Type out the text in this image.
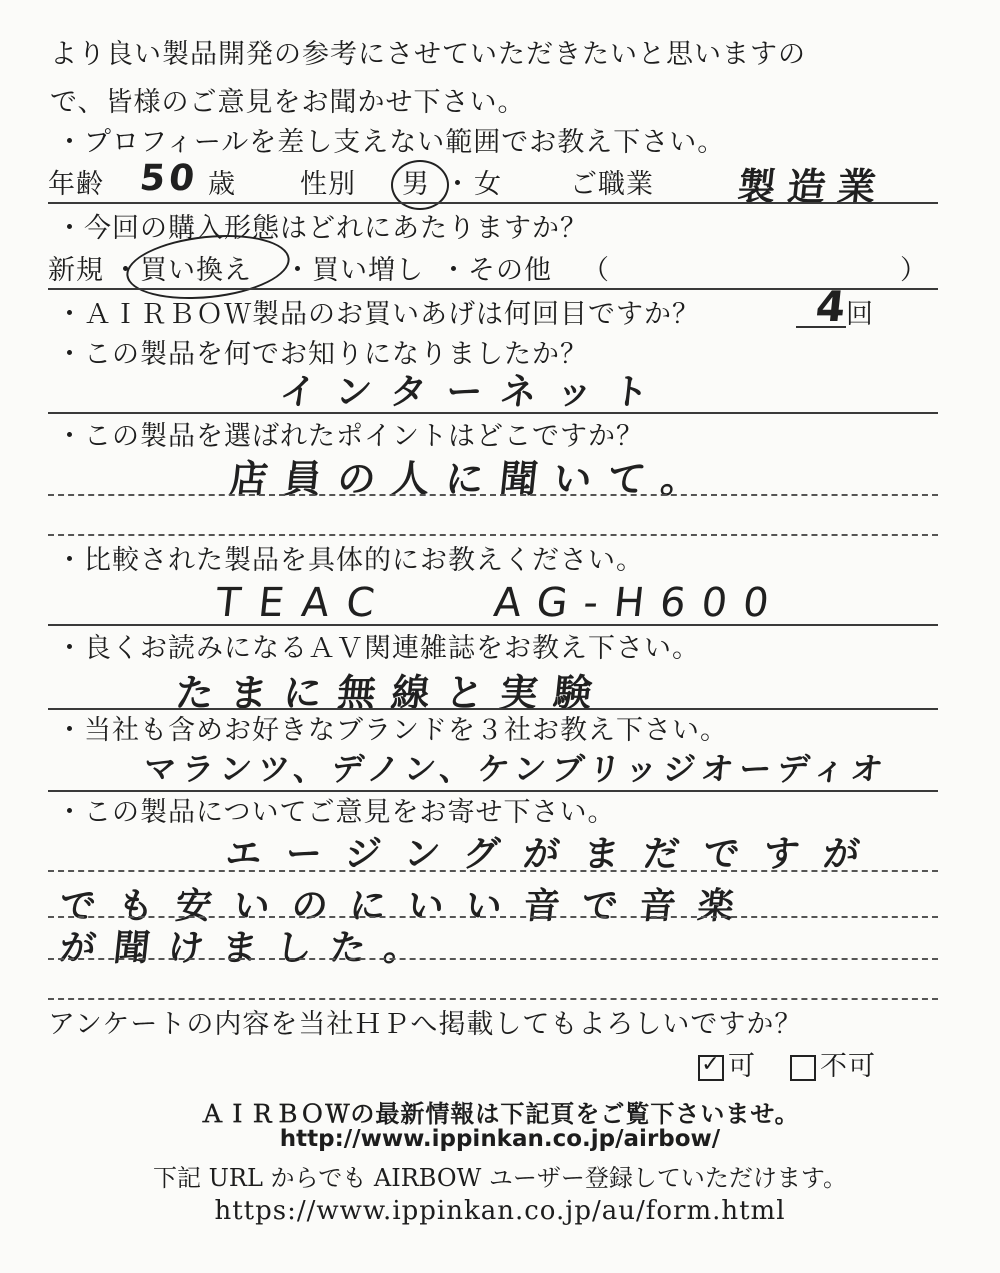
より良い製品開発の参考にさせていただきたいと思いますの
で、皆様のご意見をお聞かせ下さい。
・プロフィールを差し支えない範囲でお教え下さい。
年齢 50 歳 性別 男 ・ 女	ご職業 製造業
・今回の購入形態はどれにあたりますか？
新規 ・ 買い換え ・ 買い増し ・ その他 （	）
・ＡＩＲＢＯＷ製品のお買いあげは何回目ですか？	4
回
・この製品を何でお知りになりましたか？
インターネット
・この製品を選ばれたポイントはどこですか？
店員の人に聞いて。
・比較された製品を具体的にお教えください。
TEAC AG-H600
・良くお読みになるＡＶ関連雑誌をお教え下さい。
たまに無線と実験
・当社も含めお好きなブランドを３社お教え下さい。
マランツ、デノン、ケンブリッジオーディオ
・この製品についてご意見をお寄せ下さい。
エージングがまだですが
でも安いのにいい音で音楽
が聞けました。
アンケートの内容を当社ＨＰへ掲載してもよろしいですか？
✓ 可	不可
ＡＩＲＢＯＷの最新情報は下記頁をご覧下さいませ。
http://www.ippinkan.co.jp/airbow/
下記 URL からでも AIRBOW ユーザー登録していただけます。
https://www.ippinkan.co.jp/au/form.html
